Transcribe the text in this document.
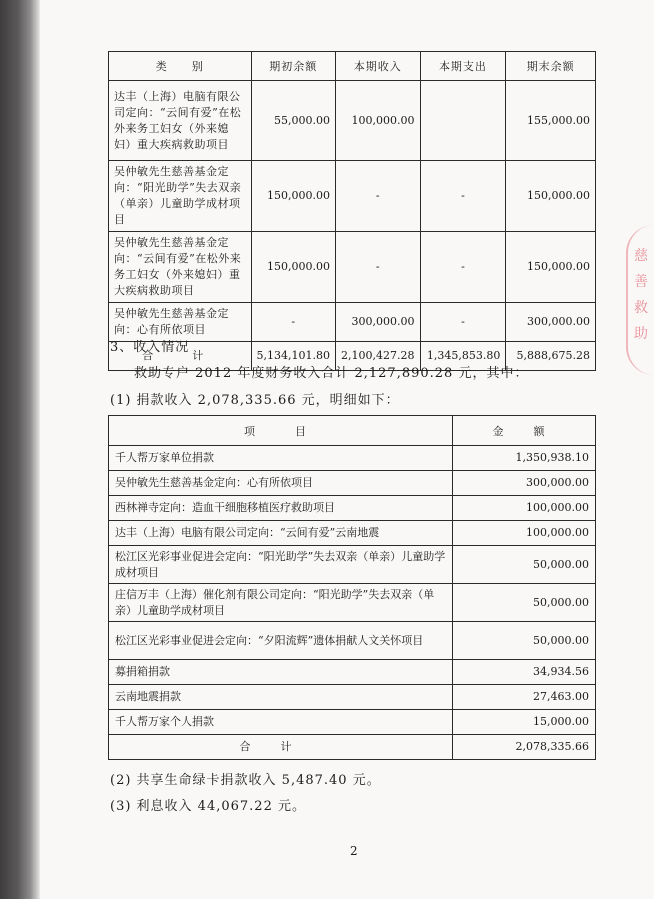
慈
善
救
助
类　　别	期初余额	本期收入	本期支出	期末余额
达丰（上海）电脑有限公司定向：“云间有爱”在松外来务工妇女（外来媳妇）重大疾病救助项目	55,000.00	100,000.00		155,000.00
吴仲敏先生慈善基金定向：“阳光助学”失去双亲（单亲）儿童助学成材项目	150,000.00	-	-	150,000.00
吴仲敏先生慈善基金定向：“云间有爱”在松外来务工妇女（外来媳妇）重大疾病救助项目	150,000.00	-	-	150,000.00
吴仲敏先生慈善基金定向：心有所依项目	-	300,000.00	-	300,000.00
合　计	5,134,101.80	2,100,427.28	1,345,853.80	5,888,675.28
3、收入情况
救助专户 2012 年度财务收入合计 2,127,890.28 元，其中：
(1) 捐款收入 2,078,335.66 元，明细如下：
项目	金额
千人帮万家单位捐款	1,350,938.10
吴仲敏先生慈善基金定向：心有所依项目	300,000.00
西林禅寺定向：造血干细胞移植医疗救助项目	100,000.00
达丰（上海）电脑有限公司定向：“云间有爱”云南地震	100,000.00
松江区光彩事业促进会定向：“阳光助学”失去双亲（单亲）儿童助学成材项目	50,000.00
庄信万丰（上海）催化剂有限公司定向：“阳光助学”失去双亲（单亲）儿童助学成材项目	50,000.00
松江区光彩事业促进会定向：“夕阳流辉”遗体捐献人文关怀项目	50,000.00
募捐箱捐款	34,934.56
云南地震捐款	27,463.00
千人帮万家个人捐款	15,000.00
合计	2,078,335.66
(2) 共享生命绿卡捐款收入 5,487.40 元。
(3) 利息收入 44,067.22 元。
2
